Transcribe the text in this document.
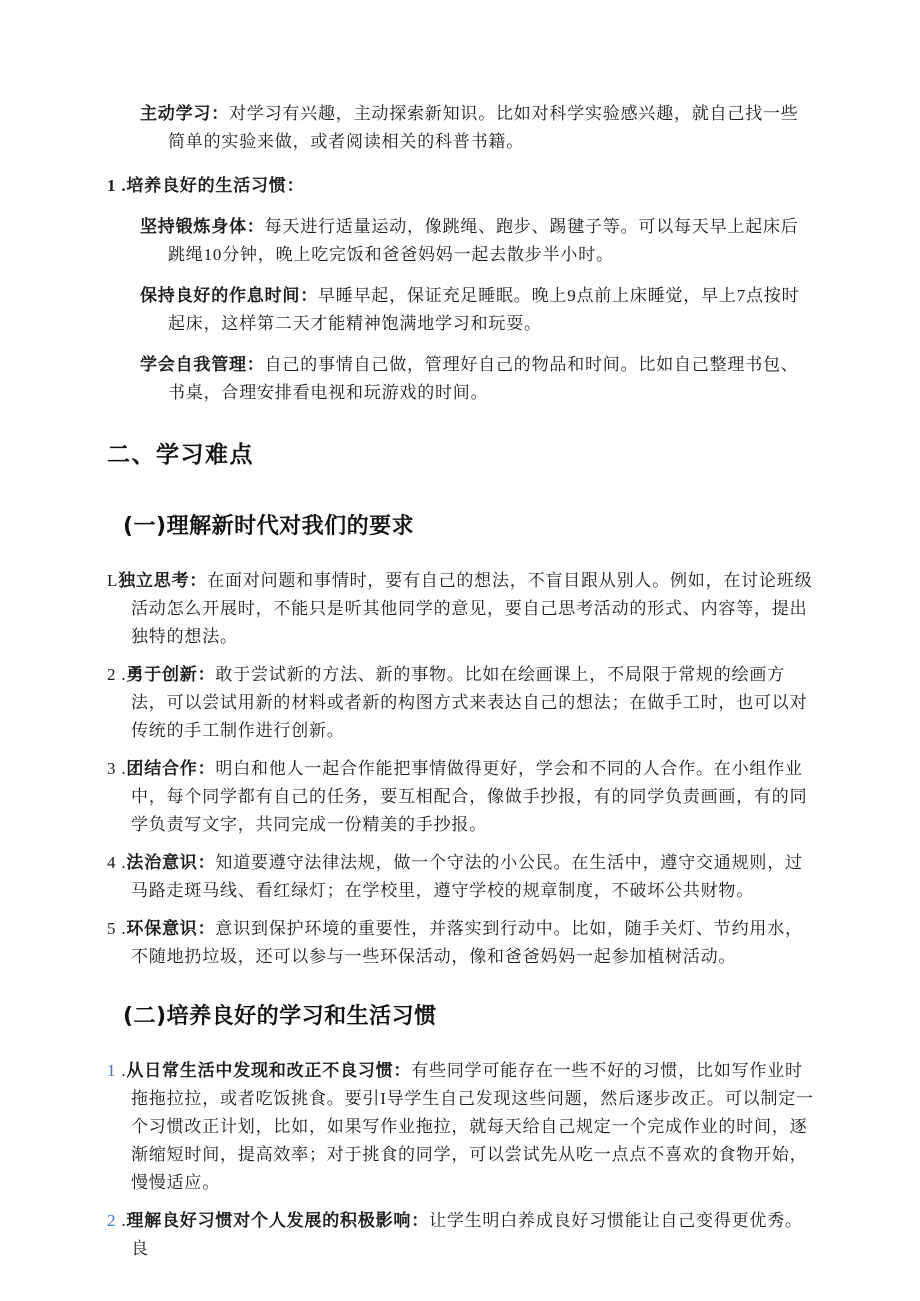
主动学习：对学习有兴趣，主动探索新知识。比如对科学实验感兴趣，就自己找一些简单的实验来做，或者阅读相关的科普书籍。

1 .培养良好的生活习惯：

坚持锻炼身体：每天进行适量运动，像跳绳、跑步、踢毽子等。可以每天早上起床后跳绳10分钟，晚上吃完饭和爸爸妈妈一起去散步半小时。

保持良好的作息时间：早睡早起，保证充足睡眠。晚上9点前上床睡觉，早上7点按时起床，这样第二天才能精神饱满地学习和玩耍。

学会自我管理：自己的事情自己做，管理好自己的物品和时间。比如自己整理书包、书桌，合理安排看电视和玩游戏的时间。

二、学习难点
(一)理解新时代对我们的要求

L独立思考：在面对问题和事情时，要有自己的想法，不盲目跟从别人。例如，在讨论班级活动怎么开展时，不能只是听其他同学的意见，要自己思考活动的形式、内容等，提出独特的想法。

2 .勇于创新：敢于尝试新的方法、新的事物。比如在绘画课上，不局限于常规的绘画方法，可以尝试用新的材料或者新的构图方式来表达自己的想法；在做手工时，也可以对传统的手工制作进行创新。

3 .团结合作：明白和他人一起合作能把事情做得更好，学会和不同的人合作。在小组作业中，每个同学都有自己的任务，要互相配合，像做手抄报，有的同学负责画画，有的同学负责写文字，共同完成一份精美的手抄报。

4 .法治意识：知道要遵守法律法规，做一个守法的小公民。在生活中，遵守交通规则，过马路走斑马线、看红绿灯；在学校里，遵守学校的规章制度，不破坏公共财物。

5 .环保意识：意识到保护环境的重要性，并落实到行动中。比如，随手关灯、节约用水，不随地扔垃圾，还可以参与一些环保活动，像和爸爸妈妈一起参加植树活动。

(二)培养良好的学习和生活习惯

1 .从日常生活中发现和改正不良习惯：有些同学可能存在一些不好的习惯，比如写作业时拖拖拉拉，或者吃饭挑食。要引I导学生自己发现这些问题，然后逐步改正。可以制定一个习惯改正计划，比如，如果写作业拖拉，就每天给自己规定一个完成作业的时间，逐渐缩短时间，提高效率；对于挑食的同学，可以尝试先从吃一点点不喜欢的食物开始，慢慢适应。

2 .理解良好习惯对个人发展的积极影响：让学生明白养成良好习惯能让自己变得更优秀。良
